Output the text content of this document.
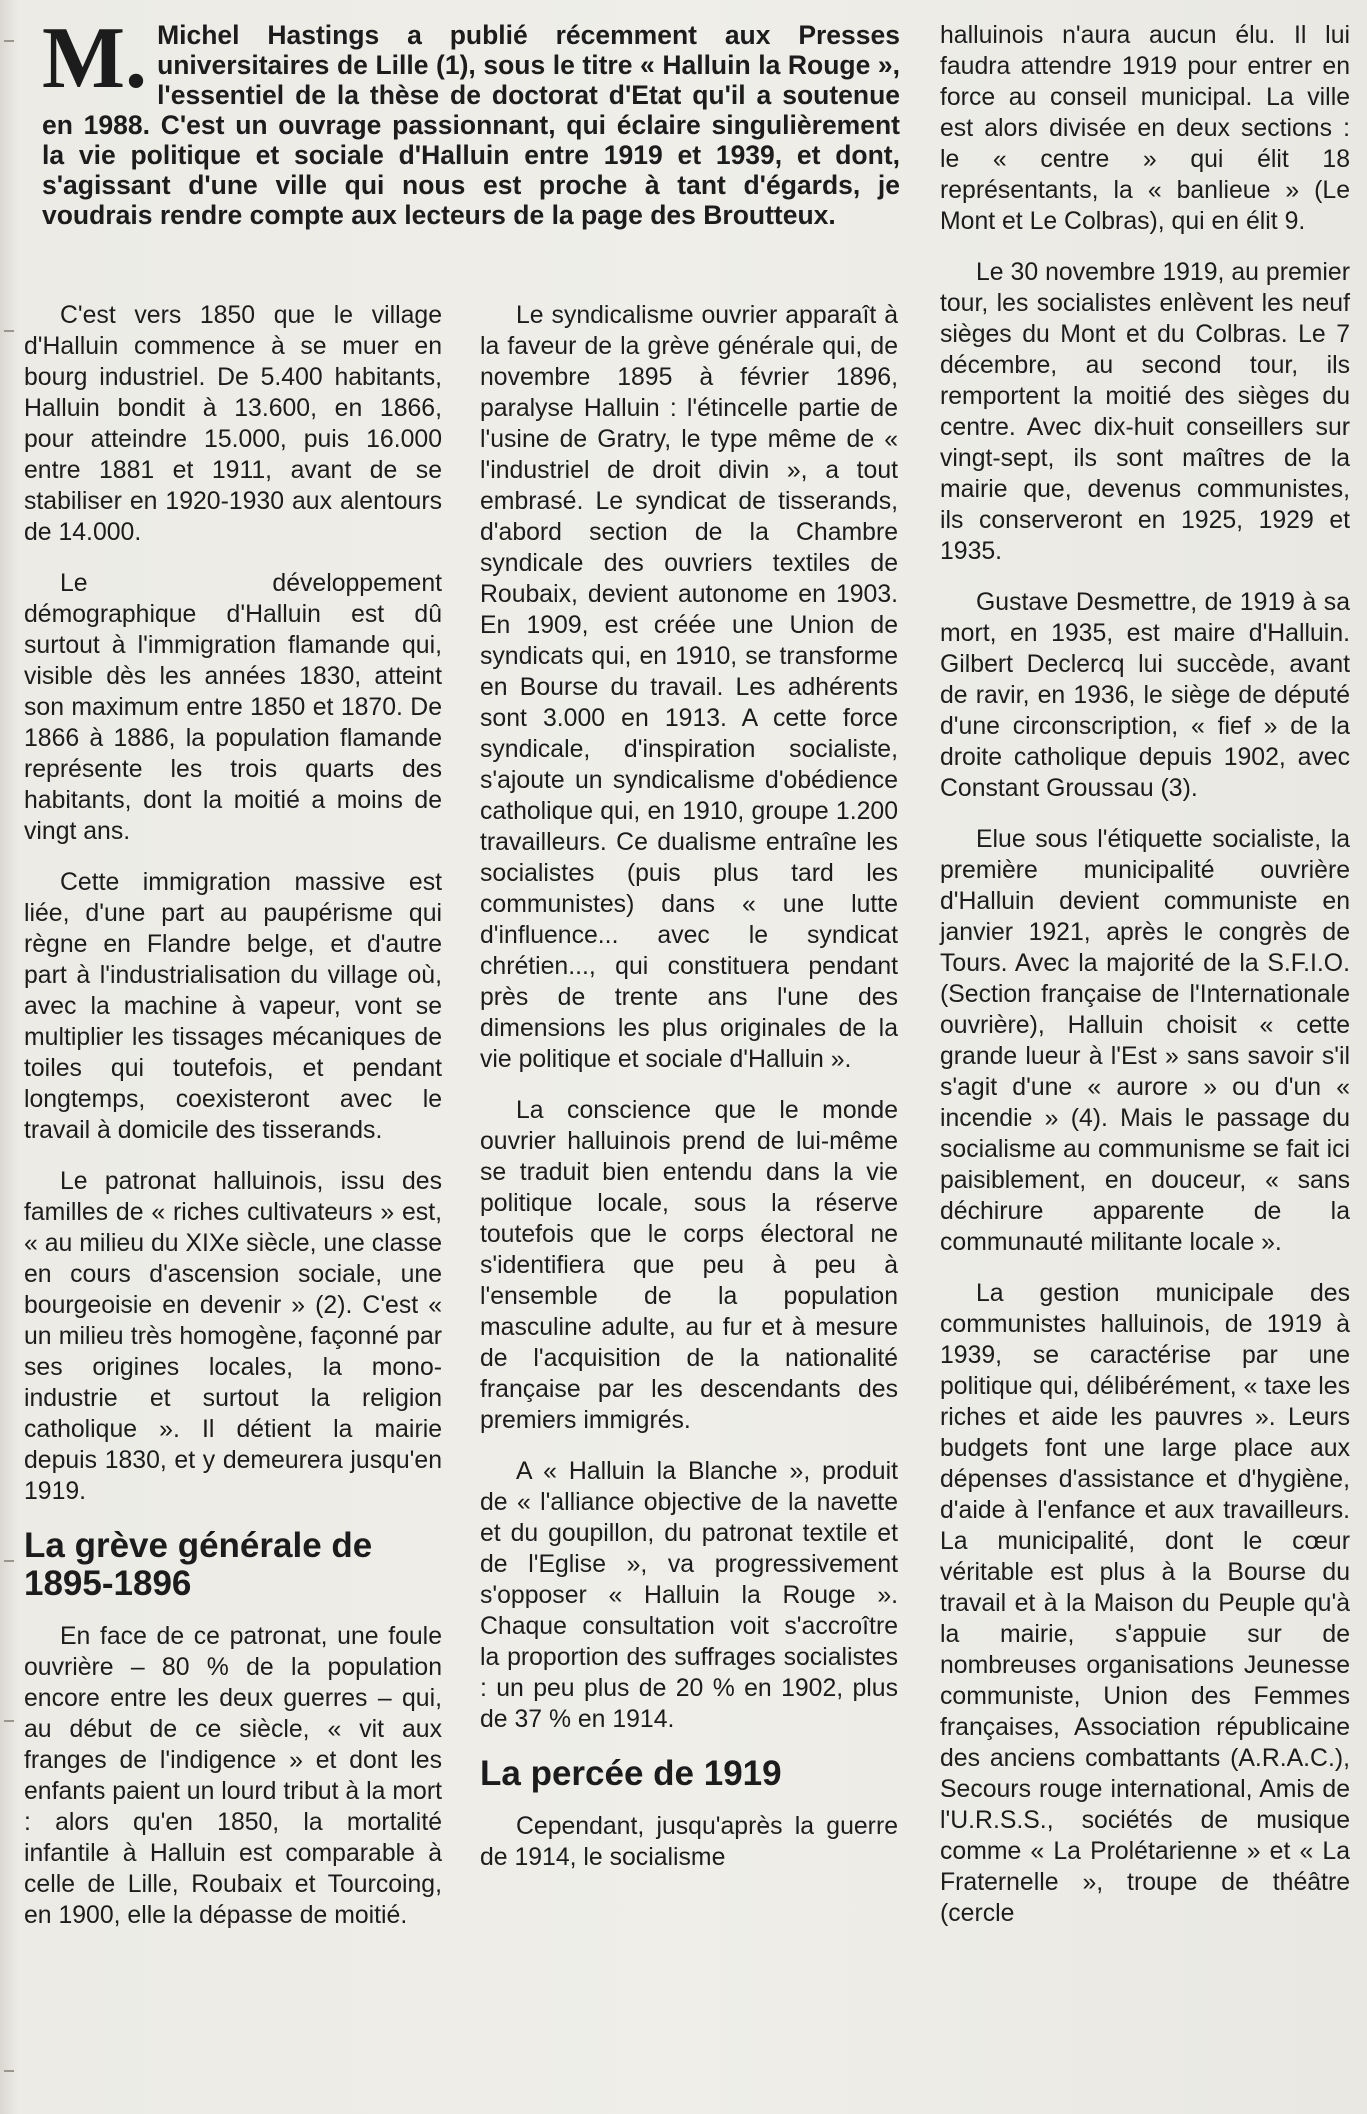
M. Michel Hastings a publié récemment aux Presses universitaires de Lille (1), sous le titre « Halluin la Rouge », l'essentiel de la thèse de doctorat d'Etat qu'il a soutenue en 1988. C'est un ouvrage passionnant, qui éclaire singulièrement la vie politique et sociale d'Halluin entre 1919 et 1939, et dont, s'agissant d'une ville qui nous est proche à tant d'égards, je voudrais rendre compte aux lecteurs de la page des Broutteux.

C'est vers 1850 que le village d'Halluin commence à se muer en bourg industriel. De 5.400 habitants, Halluin bondit à 13.600, en 1866, pour atteindre 15.000, puis 16.000 entre 1881 et 1911, avant de se stabiliser en 1920-1930 aux alentours de 14.000.

Le développement démographique d'Halluin est dû surtout à l'immigration flamande qui, visible dès les années 1830, atteint son maximum entre 1850 et 1870. De 1866 à 1886, la population flamande représente les trois quarts des habitants, dont la moitié a moins de vingt ans.

Cette immigration massive est liée, d'une part au paupérisme qui règne en Flandre belge, et d'autre part à l'industrialisation du village où, avec la machine à vapeur, vont se multiplier les tissages mécaniques de toiles qui toutefois, et pendant longtemps, coexisteront avec le travail à domicile des tisserands.

Le patronat halluinois, issu des familles de « riches cultivateurs » est, « au milieu du XIXe siècle, une classe en cours d'ascension sociale, une bourgeoisie en devenir » (2). C'est « un milieu très homogène, façonné par ses origines locales, la mono-industrie et surtout la religion catholique ». Il détient la mairie depuis 1830, et y demeurera jusqu'en 1919.

La grève générale de 1895-1896

En face de ce patronat, une foule ouvrière – 80 % de la population encore entre les deux guerres – qui, au début de ce siècle, « vit aux franges de l'indigence » et dont les enfants paient un lourd tribut à la mort : alors qu'en 1850, la mortalité infantile à Halluin est comparable à celle de Lille, Roubaix et Tourcoing, en 1900, elle la dépasse de moitié.

Le syndicalisme ouvrier apparaît à la faveur de la grève générale qui, de novembre 1895 à février 1896, paralyse Halluin : l'étincelle partie de l'usine de Gratry, le type même de « l'industriel de droit divin », a tout embrasé. Le syndicat de tisserands, d'abord section de la Chambre syndicale des ouvriers textiles de Roubaix, devient autonome en 1903. En 1909, est créée une Union de syndicats qui, en 1910, se transforme en Bourse du travail. Les adhérents sont 3.000 en 1913. A cette force syndicale, d'inspiration socialiste, s'ajoute un syndicalisme d'obédience catholique qui, en 1910, groupe 1.200 travailleurs. Ce dualisme entraîne les socialistes (puis plus tard les communistes) dans « une lutte d'influence... avec le syndicat chrétien..., qui constituera pendant près de trente ans l'une des dimensions les plus originales de la vie politique et sociale d'Halluin ».

La conscience que le monde ouvrier halluinois prend de lui-même se traduit bien entendu dans la vie politique locale, sous la réserve toutefois que le corps électoral ne s'identifiera que peu à peu à l'ensemble de la population masculine adulte, au fur et à mesure de l'acquisition de la nationalité française par les descendants des premiers immigrés.

A « Halluin la Blanche », produit de « l'alliance objective de la navette et du goupillon, du patronat textile et de l'Eglise », va progressivement s'opposer « Halluin la Rouge ». Chaque consultation voit s'accroître la proportion des suffrages socialistes : un peu plus de 20 % en 1902, plus de 37 % en 1914.

La percée de 1919

Cependant, jusqu'après la guerre de 1914, le socialisme

halluinois n'aura aucun élu. Il lui faudra attendre 1919 pour entrer en force au conseil municipal. La ville est alors divisée en deux sections : le « centre » qui élit 18 représentants, la « banlieue » (Le Mont et Le Colbras), qui en élit 9.

Le 30 novembre 1919, au premier tour, les socialistes enlèvent les neuf sièges du Mont et du Colbras. Le 7 décembre, au second tour, ils remportent la moitié des sièges du centre. Avec dix-huit conseillers sur vingt-sept, ils sont maîtres de la mairie que, devenus communistes, ils conserveront en 1925, 1929 et 1935.

Gustave Desmettre, de 1919 à sa mort, en 1935, est maire d'Halluin. Gilbert Declercq lui succède, avant de ravir, en 1936, le siège de député d'une circonscription, « fief » de la droite catholique depuis 1902, avec Constant Groussau (3).

Elue sous l'étiquette socialiste, la première municipalité ouvrière d'Halluin devient communiste en janvier 1921, après le congrès de Tours. Avec la majorité de la S.F.I.O. (Section française de l'Internationale ouvrière), Halluin choisit « cette grande lueur à l'Est » sans savoir s'il s'agit d'une « aurore » ou d'un « incendie » (4). Mais le passage du socialisme au communisme se fait ici paisiblement, en douceur, « sans déchirure apparente de la communauté militante locale ».

La gestion municipale des communistes halluinois, de 1919 à 1939, se caractérise par une politique qui, délibérément, « taxe les riches et aide les pauvres ». Leurs budgets font une large place aux dépenses d'assistance et d'hygiène, d'aide à l'enfance et aux travailleurs. La municipalité, dont le cœur véritable est plus à la Bourse du travail et à la Maison du Peuple qu'à la mairie, s'appuie sur de nombreuses organisations Jeunesse communiste, Union des Femmes françaises, Association républicaine des anciens combattants (A.R.A.C.), Secours rouge international, Amis de l'U.R.S.S., sociétés de musique comme « La Prolétarienne » et « La Fraternelle », troupe de théâtre (cercle
